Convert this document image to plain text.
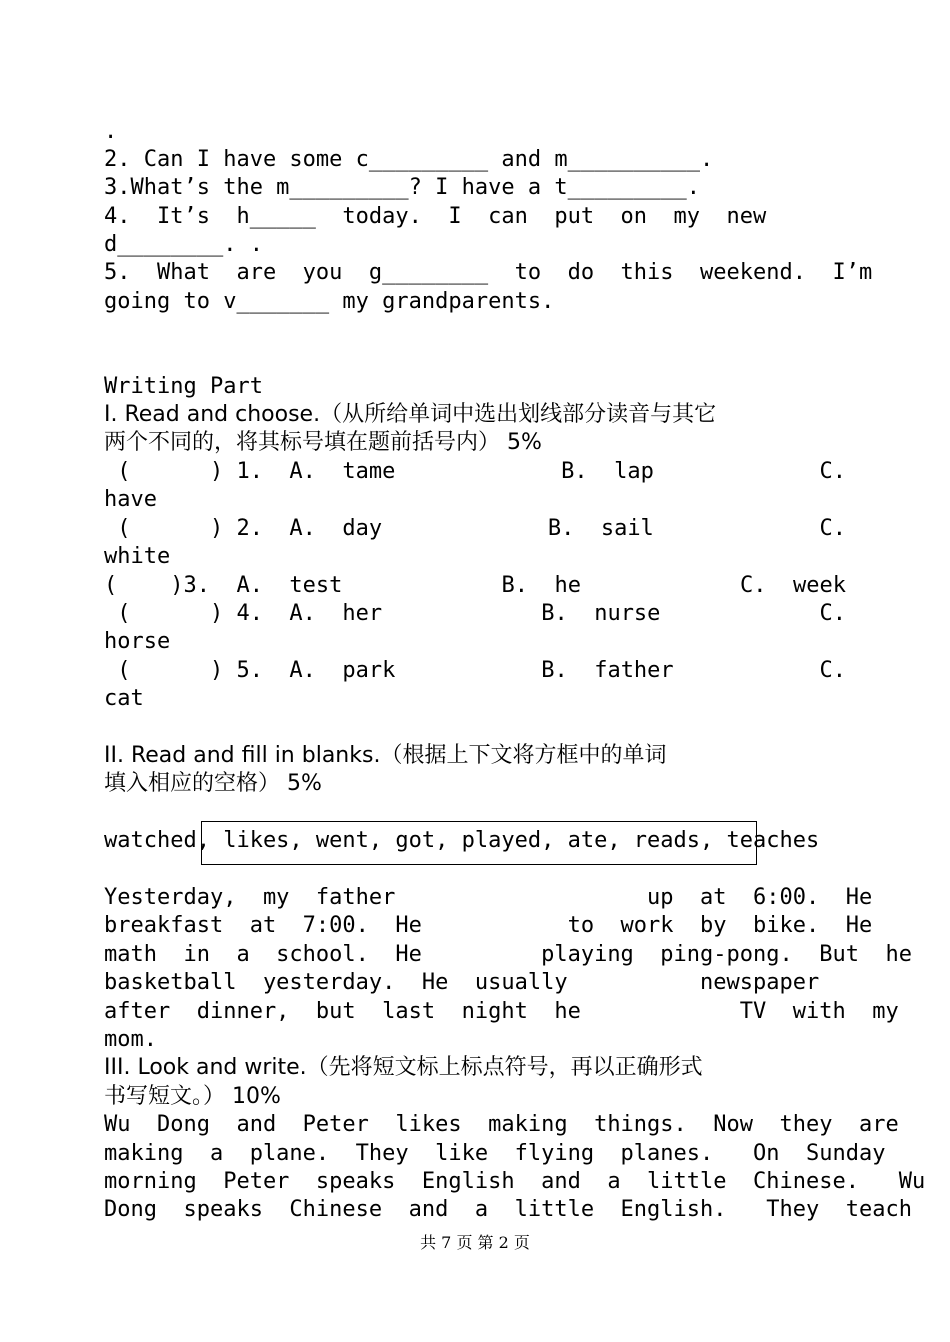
.
2. Can I have some c_________ and m__________.
3.What’s the m_________? I have a t_________.
4.  It’s  h_____  today.  I  can  put  on  my  new
d________. .
5.  What  are  you  g________  to  do  this  weekend.  I’m
going to v_______ my grandparents.
Writing Part
I. Read and choose.（从所给单词中选出划线部分读音与其它
两个不同的，将其标号填在题前括号内） 5%
(      ) 1.  A.  tame	B.  lap	C.
have
(      ) 2.  A.  day	B.  sail	C.
white
(    )3.  A.  test	B.  he	C.  week
(      ) 4.  A.  her	B.  nurse	C.
horse
(      ) 5.  A.  park	B.  father	C.
cat
II. Read and fill in blanks.（根据上下文将方框中的单词
填入相应的空格） 5%
watched, likes, went, got, played, ate, reads, teaches
Yesterday,  my  father                   up  at  6:00.  He
breakfast  at  7:00.  He           to  work  by  bike.  He
math  in  a  school.  He         playing  ping-pong.  But  he
basketball  yesterday.  He  usually          newspaper
after  dinner,  but  last  night  he            TV  with  my
mom.
III. Look and write.（先将短文标上标点符号，再以正确形式
书写短文。） 10%
Wu  Dong  and  Peter  likes  making  things.  Now  they  are
making  a  plane.  They  like  flying  planes.   On  Sunday
morning  Peter  speaks  English  and  a  little  Chinese.   Wu
Dong  speaks  Chinese  and  a  little  English.   They  teach
共 7 页 第 2 页
